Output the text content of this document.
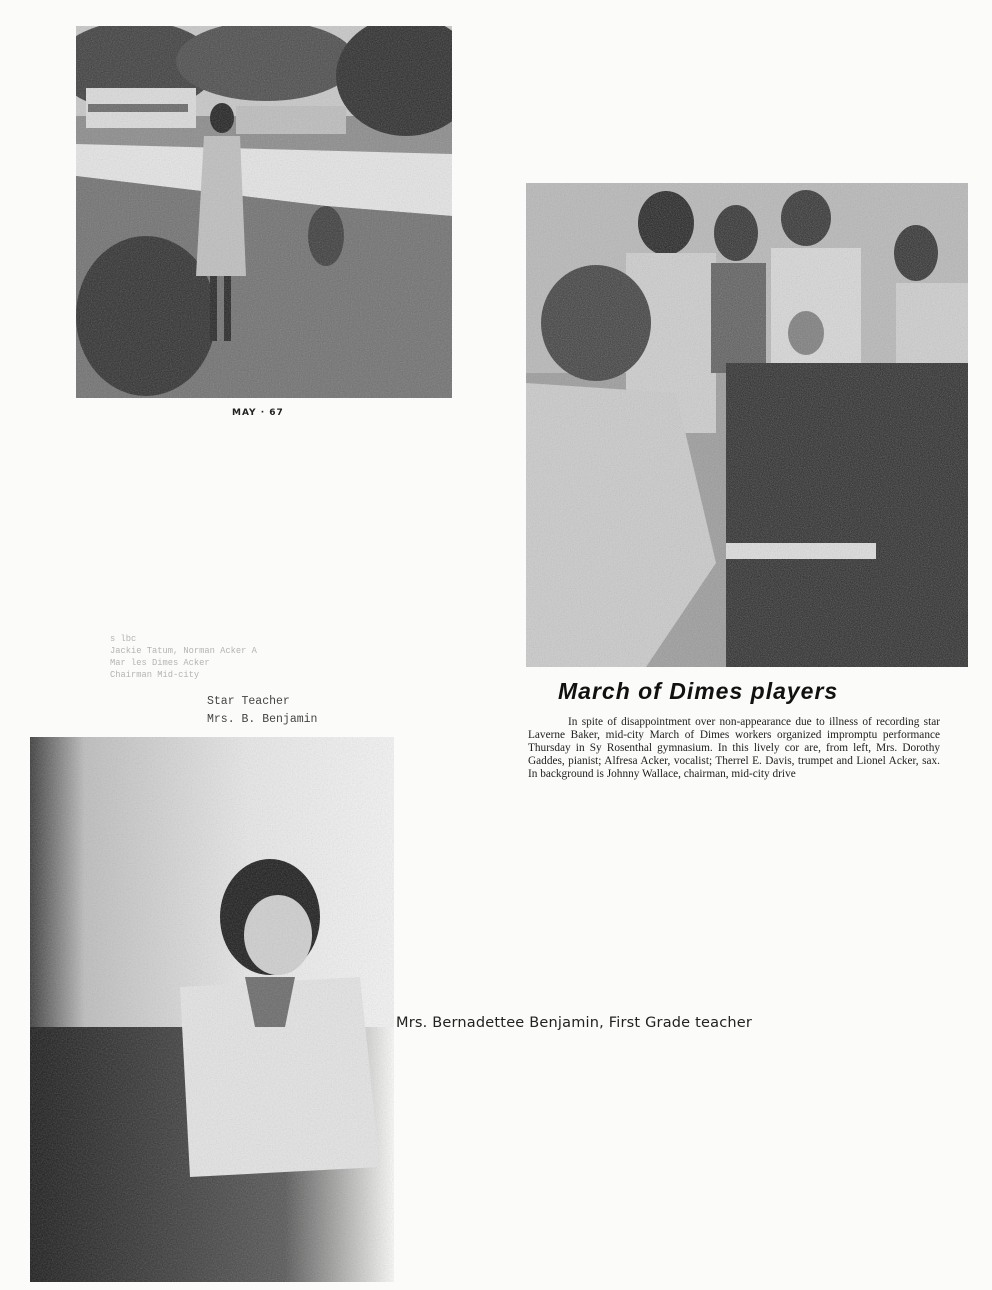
MAY · 67
March of Dimes players

In spite of disappointment over non-appearance due to illness of recording star Laverne Baker, mid-city March of Dimes workers organized impromptu performance Thursday in Sy Rosenthal gymnasium. In this lively cor are, from left, Mrs. Dorothy Gaddes, pianist; Alfresa Acker, vocalist; Therrel E. Davis, trumpet and Lionel Acker, sax. In background is Johnny Wallace, chairman, mid-city drive

s lbc
Jackie Tatum, Norman Acker A
Mar les Dimes Acker
Chairman Mid-city
Star Teacher
Mrs. B. Benjamin

Mrs. Bernadettee Benjamin, First Grade teacher
